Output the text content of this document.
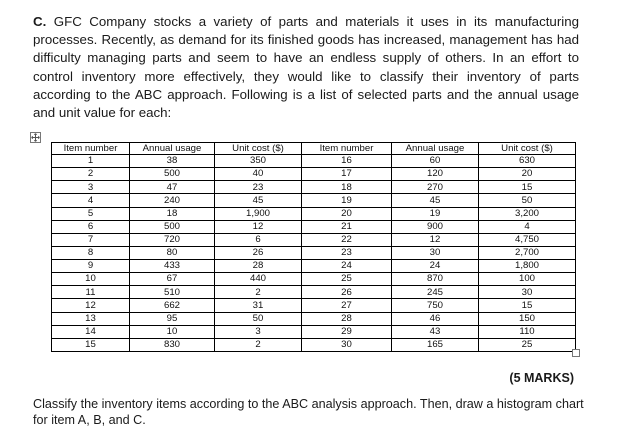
C. GFC Company stocks a variety of parts and materials it uses in its manufacturing processes. Recently, as demand for its finished goods has increased, management has had difficulty managing parts and seem to have an endless supply of others. In an effort to control inventory more effectively, they would like to classify their inventory of parts according to the ABC approach. Following is a list of selected parts and the annual usage and unit value for each:
Item number	Annual usage	Unit cost ($)	Item number	Annual usage	Unit cost ($)
1	38	350	16	60	630
2	500	40	17	120	20
3	47	23	18	270	15
4	240	45	19	45	50
5	18	1,900	20	19	3,200
6	500	12	21	900	4
7	720	6	22	12	4,750
8	80	26	23	30	2,700
9	433	28	24	24	1,800
10	67	440	25	870	100
11	510	2	26	245	30
12	662	31	27	750	15
13	95	50	28	46	150
14	10	3	29	43	110
15	830	2	30	165	25
(5 MARKS)
Classify the inventory items according to the ABC analysis approach. Then, draw a histogram chart for item A, B, and C.
